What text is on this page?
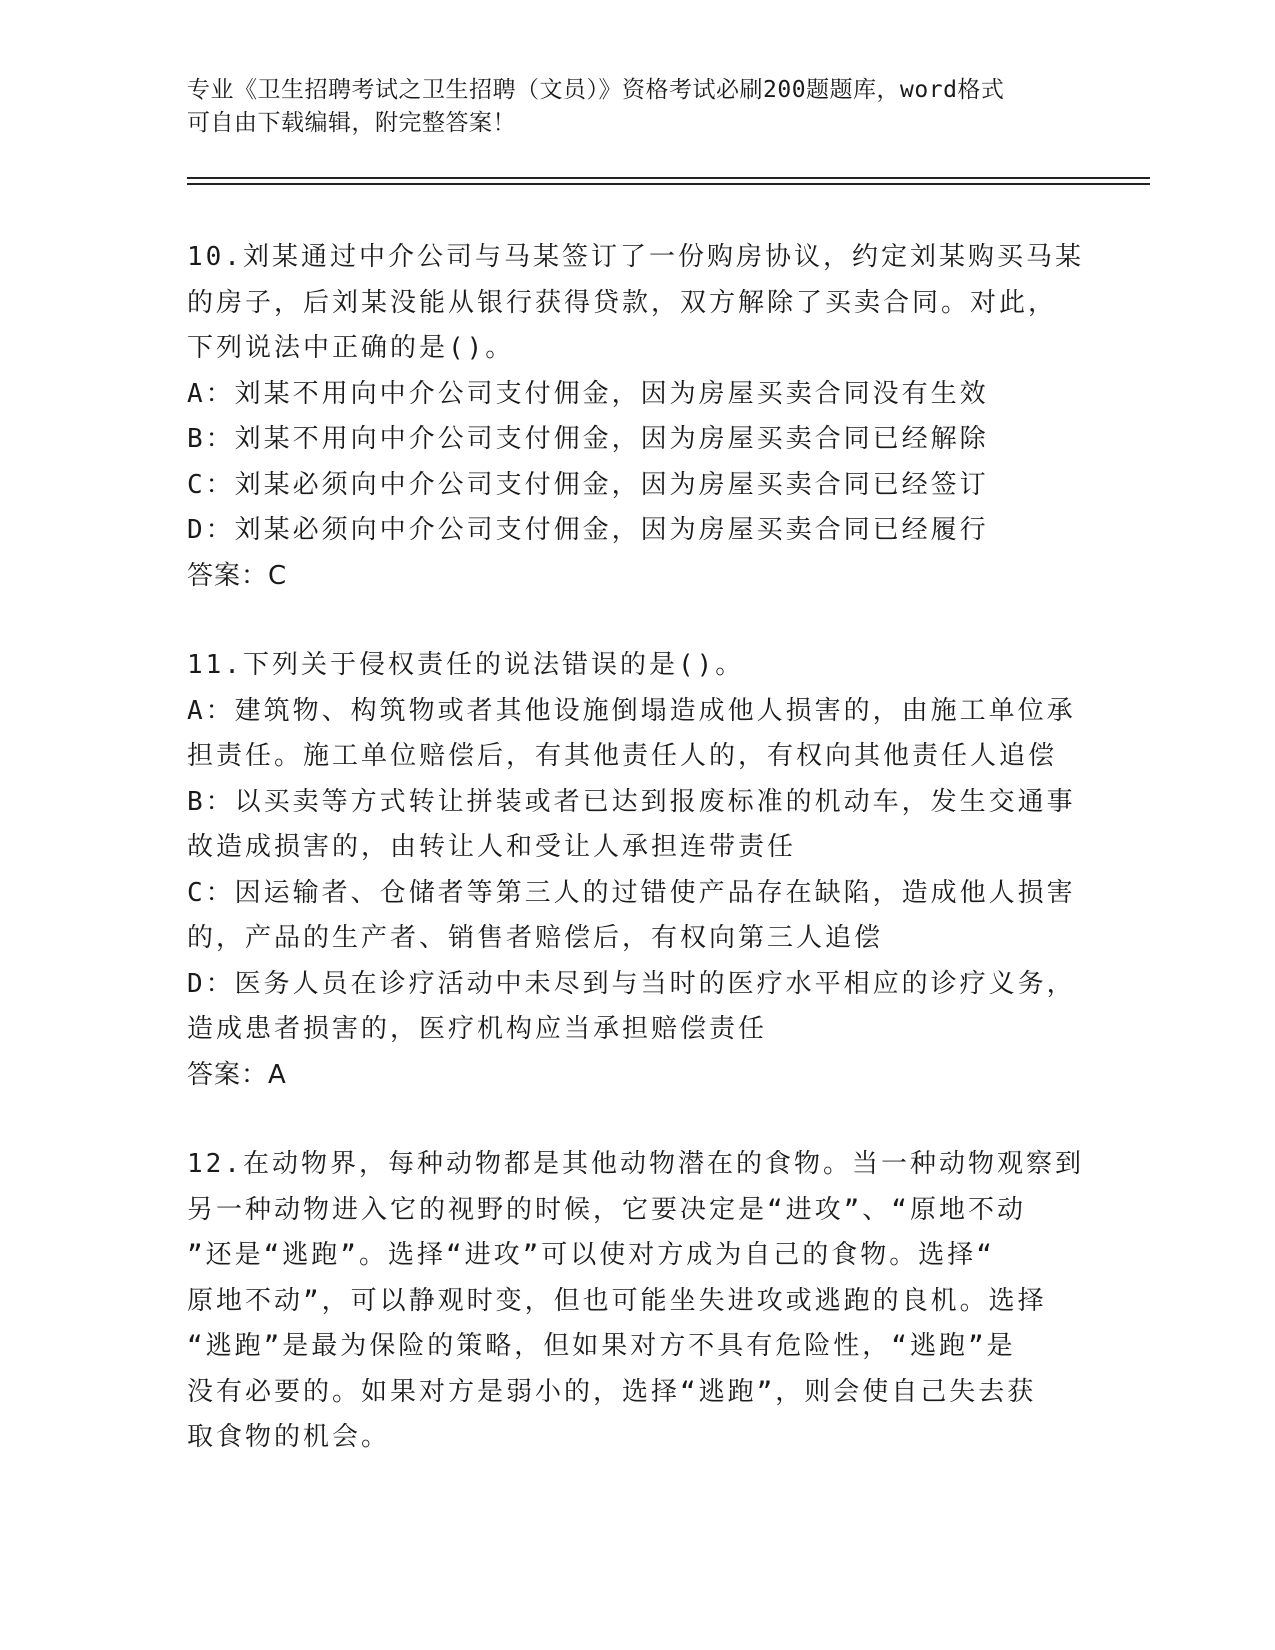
专业《卫生招聘考试之卫生招聘（文员）》资格考试必刷200题题库，word格式
可自由下载编辑，附完整答案！
10.刘某通过中介公司与马某签订了一份购房协议，约定刘某购买马某
的房子，后刘某没能从银行获得贷款，双方解除了买卖合同。对此，
下列说法中正确的是()。
A：刘某不用向中介公司支付佣金，因为房屋买卖合同没有生效
B：刘某不用向中介公司支付佣金，因为房屋买卖合同已经解除
C：刘某必须向中介公司支付佣金，因为房屋买卖合同已经签订
D：刘某必须向中介公司支付佣金，因为房屋买卖合同已经履行
答案：C
11.下列关于侵权责任的说法错误的是()。
A：建筑物、构筑物或者其他设施倒塌造成他人损害的，由施工单位承
担责任。施工单位赔偿后，有其他责任人的，有权向其他责任人追偿
B：以买卖等方式转让拼装或者已达到报废标准的机动车，发生交通事
故造成损害的，由转让人和受让人承担连带责任
C：因运输者、仓储者等第三人的过错使产品存在缺陷，造成他人损害
的，产品的生产者、销售者赔偿后，有权向第三人追偿
D：医务人员在诊疗活动中未尽到与当时的医疗水平相应的诊疗义务，
造成患者损害的，医疗机构应当承担赔偿责任
答案：A
12.在动物界，每种动物都是其他动物潜在的食物。当一种动物观察到
另一种动物进入它的视野的时候，它要决定是“进攻”、“原地不动
”还是“逃跑”。选择“进攻”可以使对方成为自己的食物。选择“
原地不动”，可以静观时变，但也可能坐失进攻或逃跑的良机。选择
“逃跑”是最为保险的策略，但如果对方不具有危险性，“逃跑”是
没有必要的。如果对方是弱小的，选择“逃跑”，则会使自己失去获
取食物的机会。
